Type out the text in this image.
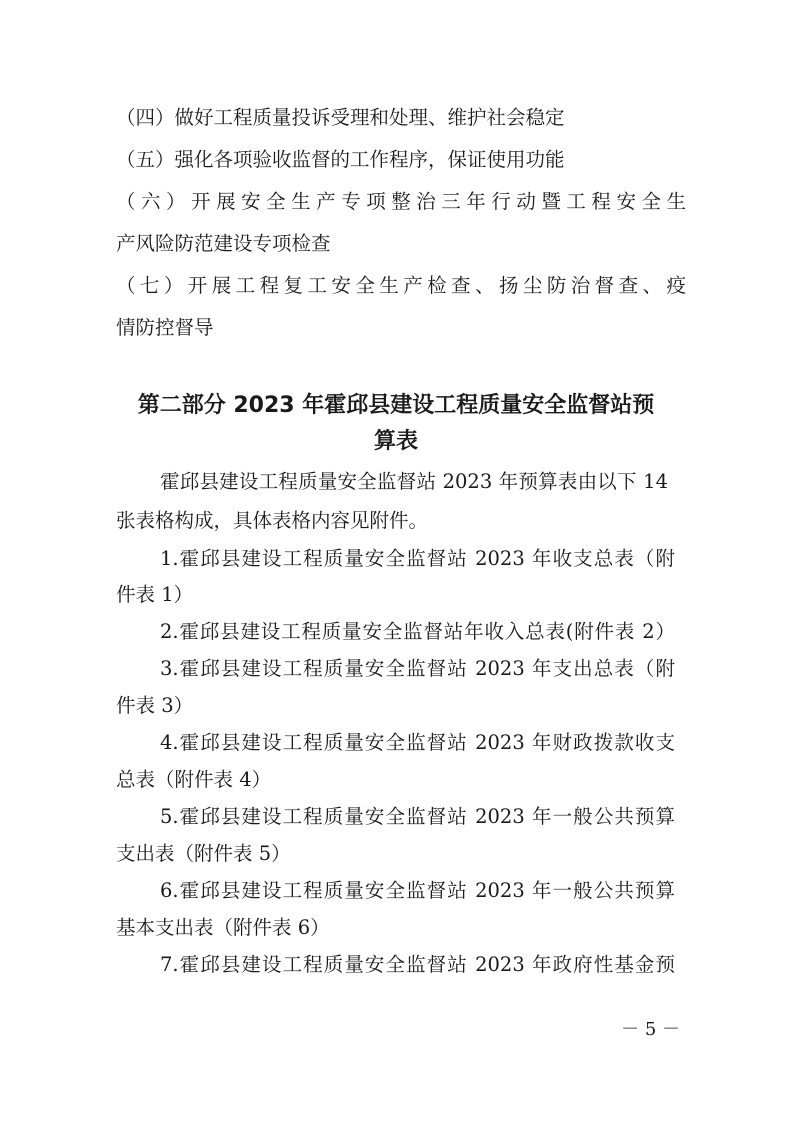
（四）做好工程质量投诉受理和处理、维护社会稳定
（五）强化各项验收监督的工作程序，保证使用功能
（六）开展安全生产专项整治三年行动暨工程安全生
产风险防范建设专项检查
（七）开展工程复工安全生产检查、扬尘防治督查、疫
情防控督导
第二部分 2023 年霍邱县建设工程质量安全监督站预
算表
霍邱县建设工程质量安全监督站 2023 年预算表由以下 14
张表格构成，具体表格内容见附件。
1.霍邱县建设工程质量安全监督站 2023 年收支总表（附
件表 1）
2.霍邱县建设工程质量安全监督站年收入总表(附件表 2）
3.霍邱县建设工程质量安全监督站 2023 年支出总表（附
件表 3）
4.霍邱县建设工程质量安全监督站 2023 年财政拨款收支
总表（附件表 4）
5.霍邱县建设工程质量安全监督站 2023 年一般公共预算
支出表（附件表 5）
6.霍邱县建设工程质量安全监督站 2023 年一般公共预算
基本支出表（附件表 6）
7.霍邱县建设工程质量安全监督站 2023 年政府性基金预
－ 5 －
